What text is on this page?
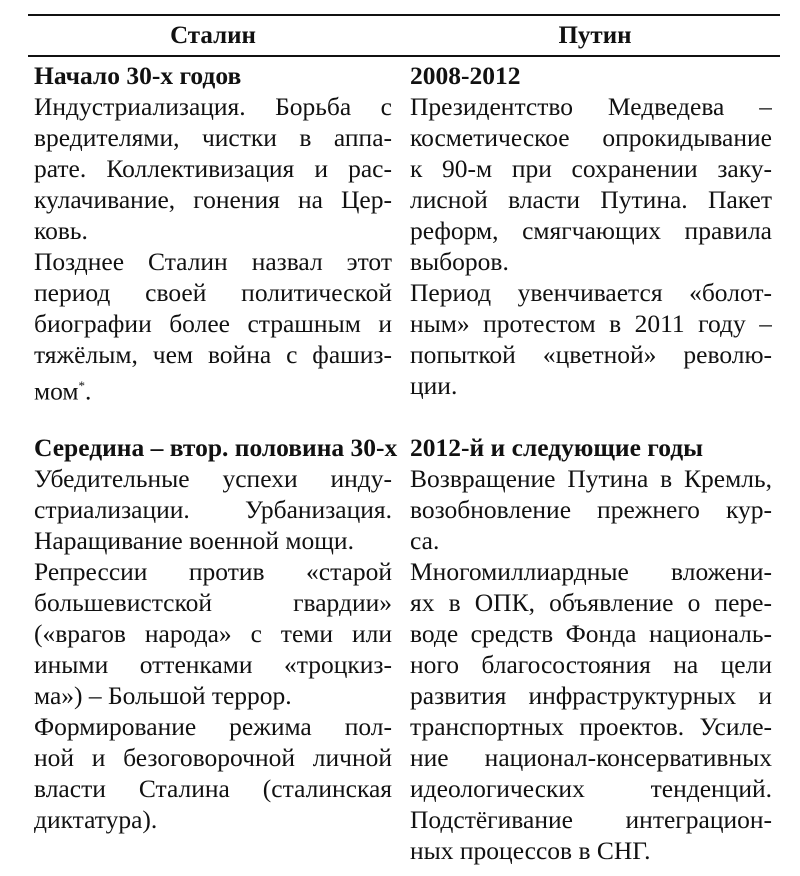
Сталин	Путин
Начало 30-х годов
Индустриализация. Борьба с
вредителями, чистки в аппа-
рате. Коллективизация и рас-
кулачивание, гонения на Цер-
ковь.
Позднее Сталин назвал этот
период своей политической
биографии более страшным и
тяжёлым, чем война с фашиз-
мом*.
Середина – втор. половина 30-х
Убедительные успехи инду-
стриализации. Урбанизация.
Наращивание военной мощи.
Репрессии против «старой
большевистской гвардии»
(«врагов народа» с теми или
иными оттенками «троцкиз-
ма») – Большой террор.
Формирование режима пол-
ной и безоговорочной личной
власти Сталина (сталинская
диктатура).
2008-2012
Президентство Медведева –
косметическое опрокидывание
к 90-м при сохранении заку-
лисной власти Путина. Пакет
реформ, смягчающих правила
выборов.
Период увенчивается «болот-
ным» протестом в 2011 году –
попыткой «цветной» револю-
ции.
2012-й и следующие годы
Возвращение Путина в Кремль,
возобновление прежнего кур-
са.
Многомиллиардные вложени-
ях в ОПК, объявление о пере-
воде средств Фонда националь-
ного благосостояния на цели
развития инфраструктурных и
транспортных проектов. Усиле-
ние национал-консервативных
идеологических тенденций.
Подстёгивание интеграцион-
ных процессов в СНГ.
